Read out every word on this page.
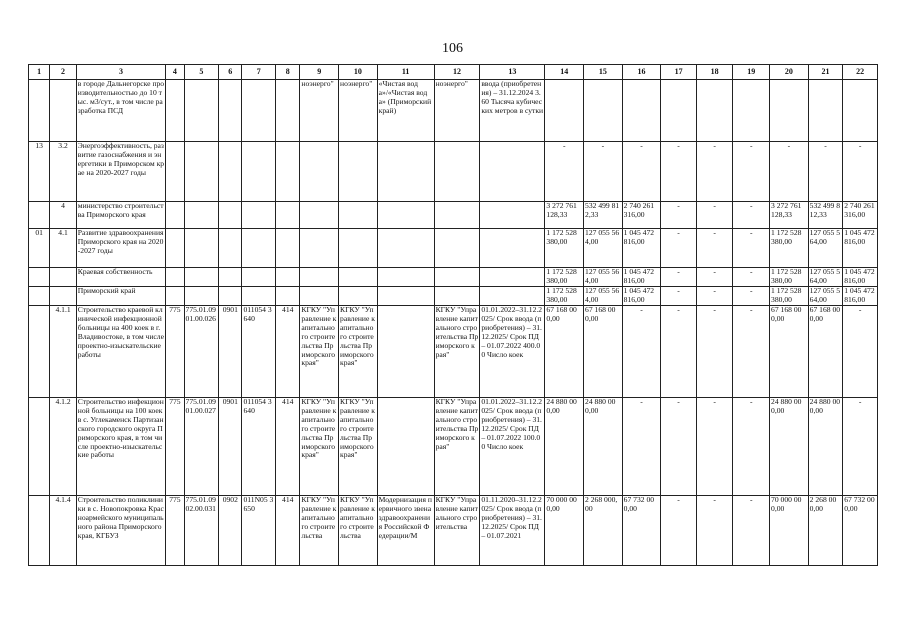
106
1	2	3	4	5	6	7	8	9	10	11	12	13	14	15	16	17	18	19	20	21	22
		в городе Дальнегорске производительностью до 10 тыс. м3/сут., в том числе разработка ПСД						ноэнерго"	ноэнерго"	«Чистая вода»/«Чистая вода» (Приморский край)	ноэнерго"	ввода (приобретения) – 31.12.2024 3.60 Тысяча кубических метров в сутки									
13	3.2	Энергоэффективность, развитие газоснабжения и энергетики в Приморском крае на 2020-2027 годы											-	-	-	-	-	-	-	-	-
	4	министерство строительства Приморского края											3 272 761 128,33	532 499 812,33	2 740 261 316,00	-	-	-	3 272 761 128,33	532 499 812,33	2 740 261 316,00
01	4.1	Развитие здравоохранения Приморского края на 2020-2027 годы											1 172 528 380,00	127 055 564,00	1 045 472 816,00	-	-	-	1 172 528 380,00	127 055 564,00	1 045 472 816,00
		Краевая собственность											1 172 528 380,00	127 055 564,00	1 045 472 816,00	-	-	-	1 172 528 380,00	127 055 564,00	1 045 472 816,00
		Приморский край											1 172 528 380,00	127 055 564,00	1 045 472 816,00	-	-	-	1 172 528 380,00	127 055 564,00	1 045 472 816,00
	4.1.1	Строительство краевой клинической инфекционной больницы на 400 коек в г. Владивостоке, в том числе проектно-изыскательские работы	775	775.01.09 01.00.026	0901	011054 3640	414	КГКУ "Управление капитального строительства Приморского края"	КГКУ "Управление капитального строительства Приморского края"		КГКУ "Управление капитального строительства Приморского края"	01.01.2022–31.12.2025/ Срок ввода (приобретения) – 31.12.2025/ Срок ПД – 01.07.2022 400.00 Число коек	67 168 000,00	67 168 000,00	-	-	-	-	67 168 000,00	67 168 000,00	-
	4.1.2	Строительство инфекционной больницы на 100 коек в с. Углекаменск Партизанского городского округа Приморского края, в том числе проектно-изыскательские работы	775	775.01.09 01.00.027	0901	011054 3640	414	КГКУ "Управление капитального строительства Приморского края"	КГКУ "Управление капитального строительства Приморского края"		КГКУ "Управление капитального строительства Приморского края"	01.01.2022–31.12.2025/ Срок ввода (приобретения) – 31.12.2025/ Срок ПД – 01.07.2022 100.00 Число коек	24 880 000,00	24 880 000,00	-	-	-	-	24 880 000,00	24 880 000,00	-
	4.1.4	Строительство поликлиники в с. Новопокровка Красноармейского муниципального района Приморского края, КГБУЗ	775	775.01.09 02.00.031	0902	011N05 3650	414	КГКУ "Управление капитального строительства	КГКУ "Управление капитального строительства	Модернизация первичного звена здравоохранения Российской Федерации/М	КГКУ "Управление капитального строительства	01.11.2020–31.12.2025/ Срок ввода (приобретения) – 31.12.2025/ Срок ПД – 01.07.2021	70 000 000,00	2 268 000,00	67 732 000,00	-	-	-	70 000 000,00	2 268 000,00	67 732 000,00
